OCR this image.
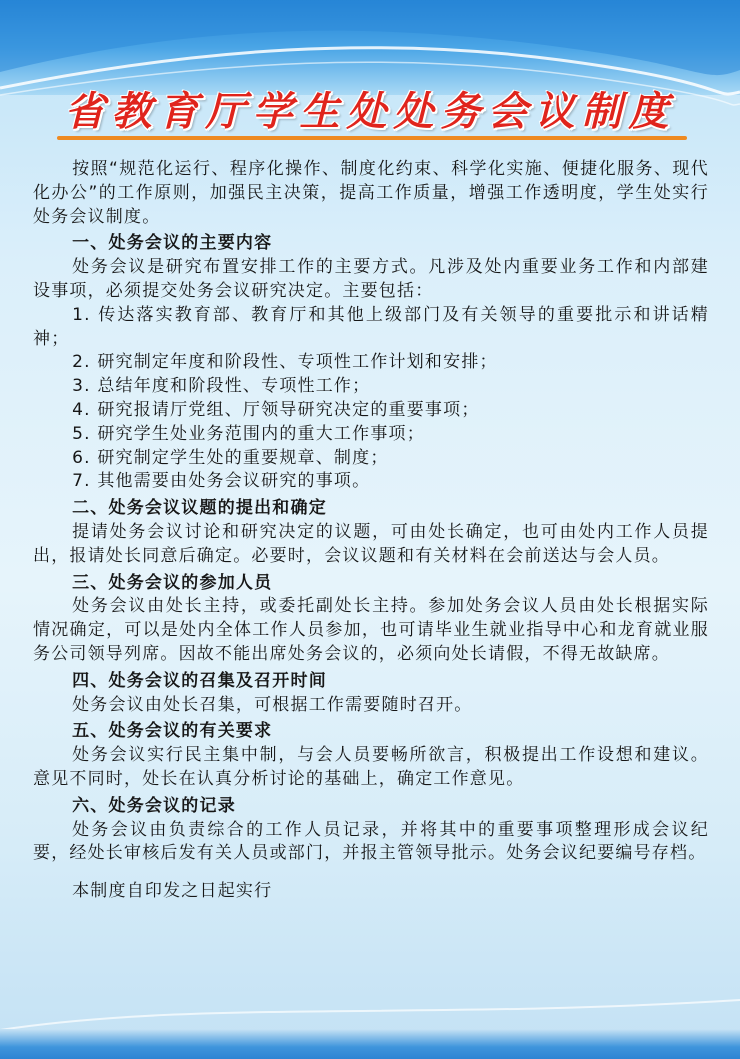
省教育厅学生处处务会议制度

按照“规范化运行、程序化操作、制度化约束、科学化实施、便捷化服务、现代化办公”的工作原则，加强民主决策，提高工作质量，增强工作透明度，学生处实行处务会议制度。

一、处务会议的主要内容

处务会议是研究布置安排工作的主要方式。凡涉及处内重要业务工作和内部建设事项，必须提交处务会议研究决定。主要包括：

1. 传达落实教育部、教育厅和其他上级部门及有关领导的重要批示和讲话精神；

2. 研究制定年度和阶段性、专项性工作计划和安排；

3. 总结年度和阶段性、专项性工作；

4. 研究报请厅党组、厅领导研究决定的重要事项；

5. 研究学生处业务范围内的重大工作事项；

6. 研究制定学生处的重要规章、制度；

7. 其他需要由处务会议研究的事项。

二、处务会议议题的提出和确定

提请处务会议讨论和研究决定的议题，可由处长确定，也可由处内工作人员提出，报请处长同意后确定。必要时，会议议题和有关材料在会前送达与会人员。

三、处务会议的参加人员

处务会议由处长主持，或委托副处长主持。参加处务会议人员由处长根据实际情况确定，可以是处内全体工作人员参加，也可请毕业生就业指导中心和龙育就业服务公司领导列席。因故不能出席处务会议的，必须向处长请假，不得无故缺席。

四、处务会议的召集及召开时间

处务会议由处长召集，可根据工作需要随时召开。

五、处务会议的有关要求

处务会议实行民主集中制，与会人员要畅所欲言，积极提出工作设想和建议。意见不同时，处长在认真分析讨论的基础上，确定工作意见。

六、处务会议的记录

处务会议由负责综合的工作人员记录，并将其中的重要事项整理形成会议纪要，经处长审核后发有关人员或部门，并报主管领导批示。处务会议纪要编号存档。

本制度自印发之日起实行
